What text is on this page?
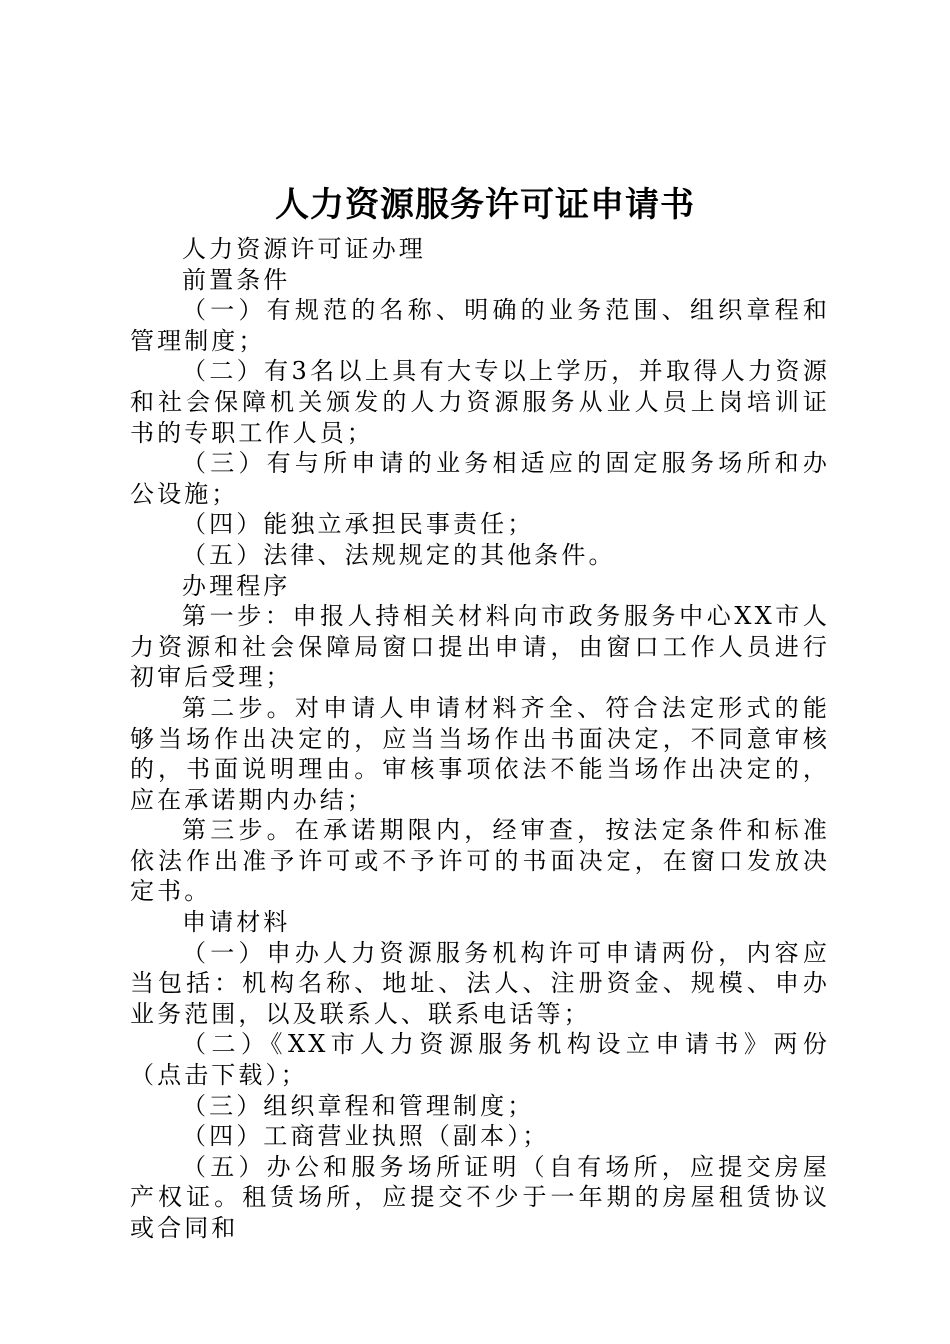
人力资源服务许可证申请书

人力资源许可证办理

前置条件

（一）有规范的名称、明确的业务范围、组织章程和管理制度；

（二）有3名以上具有大专以上学历，并取得人力资源和社会保障机关颁发的人力资源服务从业人员上岗培训证书的专职工作人员；

（三）有与所申请的业务相适应的固定服务场所和办公设施；

（四）能独立承担民事责任；

（五）法律、法规规定的其他条件。

办理程序

第一步：申报人持相关材料向市政务服务中心XX市人力资源和社会保障局窗口提出申请，由窗口工作人员进行初审后受理；

第二步。对申请人申请材料齐全、符合法定形式的能够当场作出决定的，应当当场作出书面决定，不同意审核的，书面说明理由。审核事项依法不能当场作出决定的，应在承诺期内办结；

第三步。在承诺期限内，经审查，按法定条件和标准依法作出准予许可或不予许可的书面决定，在窗口发放决定书。

申请材料

（一）申办人力资源服务机构许可申请两份，内容应当包括：机构名称、地址、法人、注册资金、规模、申办业务范围，以及联系人、联系电话等；

（二）《XX市人力资源服务机构设立申请书》两份（点击下载）；

（三）组织章程和管理制度；

（四）工商营业执照（副本）；

（五）办公和服务场所证明（自有场所，应提交房屋产权证。租赁场所，应提交不少于一年期的房屋租赁协议或合同和
